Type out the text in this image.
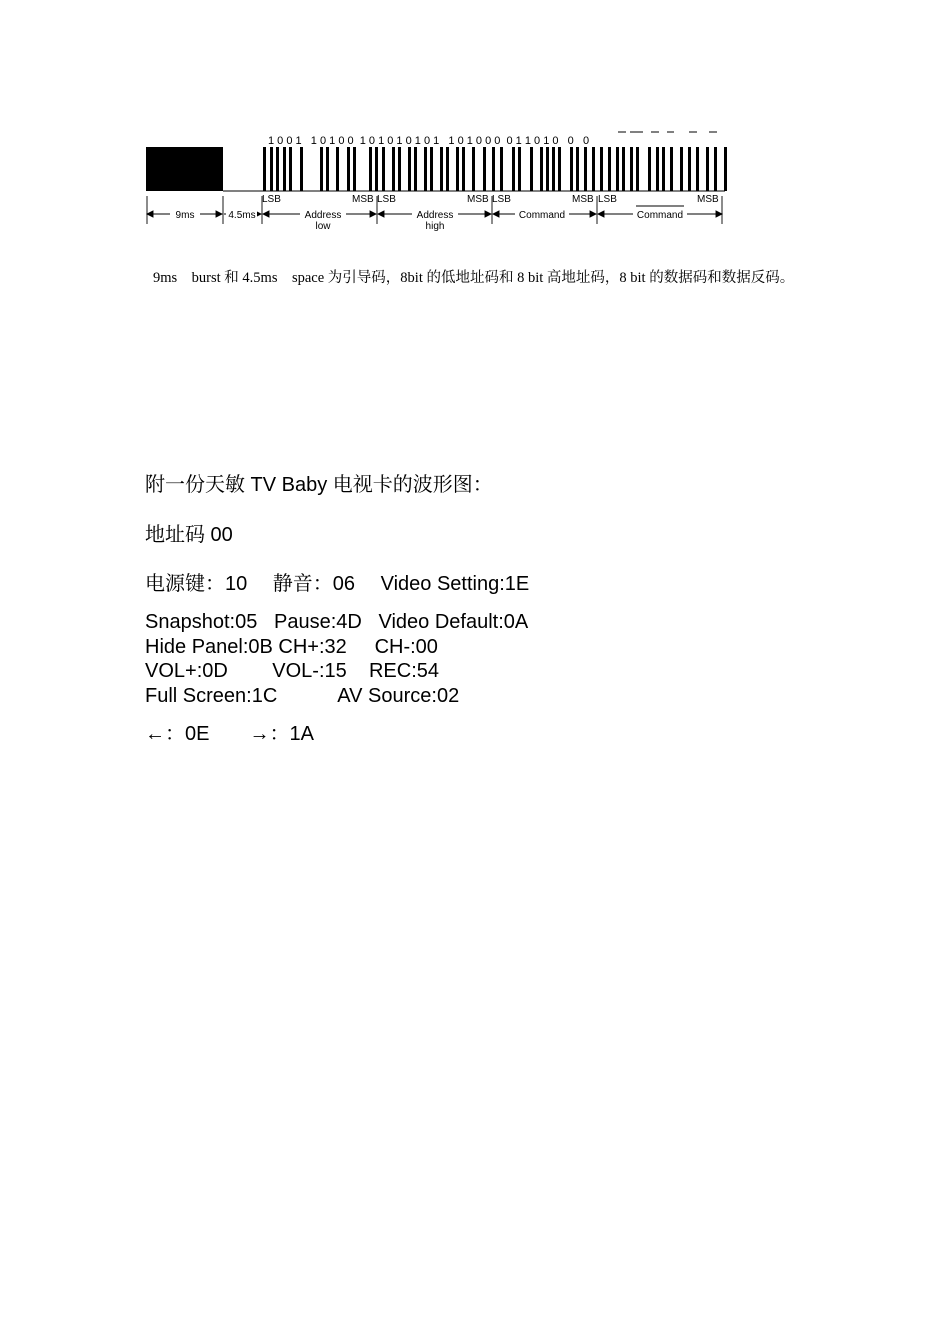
1 0 0 1   1 0 1 0 0  1 0 1 0 1 0 1 0 1   1 0 1 0 0 0  0 1 1 0 1 0   0   0
LSB	MSB LSB	MSB LSB	MSB LSB	MSB
9ms	4.5ms	Address
low
Address
high
Command	Command
9ms　burst 和 4.5ms　space 为引导码，8bit 的低地址码和 8 bit 高地址码，8 bit 的数据码和数据反码。
附一份天敏 TV Baby 电视卡的波形图：
地址码 00
电源键：10　 静音：06　 Video Setting:1E
Snapshot:05   Pause:4D   Video Default:0A
Hide Panel:0B CH+:32     CH-:00
VOL+:0D        VOL-:15    REC:54
Full Screen:1C           AV Source:02
←：0E　　→：1A
